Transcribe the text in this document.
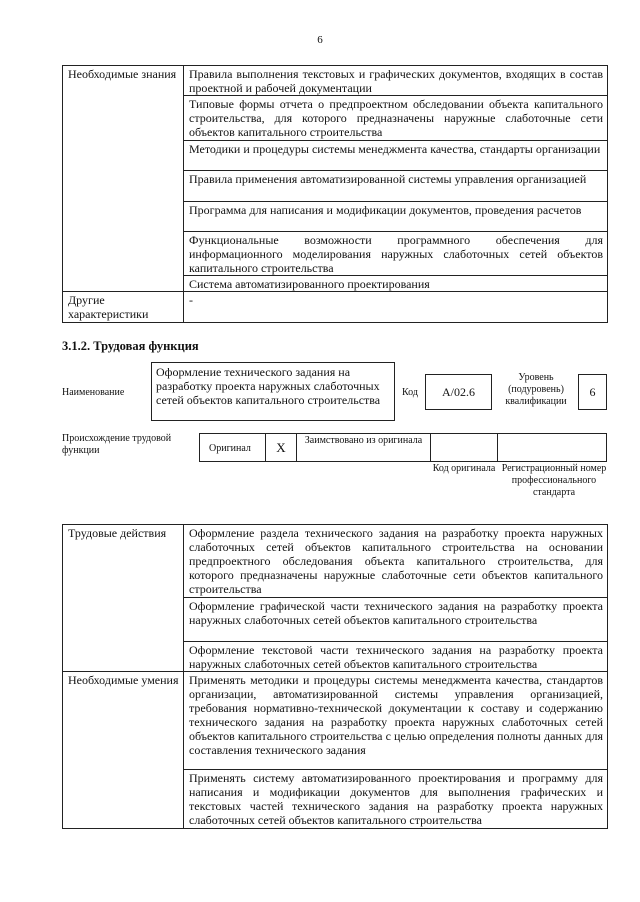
6
Необходимые знания	Правила выполнения текстовых и графических документов, входящих в состав проектной и рабочей документации
	Типовые формы отчета о предпроектном обследовании объекта капитального строительства, для которого предназначены наружные слаботочные сети объектов капитального строительства
	Методики и процедуры системы менеджмента качества, стандарты организации
	Правила применения автоматизированной системы управления организацией
	Программа для написания и модификации документов, проведения расчетов
	Функциональные возможности программного обеспечения для информационного моделирования наружных слаботочных сетей объектов капитального строительства
	Система автоматизированного проектирования
Другие характеристики	-
3.1.2. Трудовая функция
Наименование
Оформление технического задания на разработку проекта наружных слаботочных сетей объектов капитального строительства
Код	A/02.6
Уровень (подуровень) квалификации
6
Происхождение трудовой функции	Оригинал	X	Заимствовано из оригинала
Код оригинала Регистрационный номер профессионального стандарта
Трудовые действия	Оформление раздела технического задания на разработку проекта наружных слаботочных сетей объектов капитального строительства на основании предпроектного обследования объекта капитального строительства, для которого предназначены наружные слаботочные сети объектов капитального строительства
	Оформление графической части технического задания на разработку проекта наружных слаботочных сетей объектов капитального строительства
	Оформление текстовой части технического задания на разработку проекта наружных слаботочных сетей объектов капитального строительства
Необходимые умения	Применять методики и процедуры системы менеджмента качества, стандартов организации, автоматизированной системы управления организацией, требования нормативно-технической документации к составу и содержанию технического задания на разработку проекта наружных слаботочных сетей объектов капитального строительства с целью определения полноты данных для составления технического задания
	Применять систему автоматизированного проектирования и программу для написания и модификации документов для выполнения графических и текстовых частей технического задания на разработку проекта наружных слаботочных сетей объектов капитального строительства
